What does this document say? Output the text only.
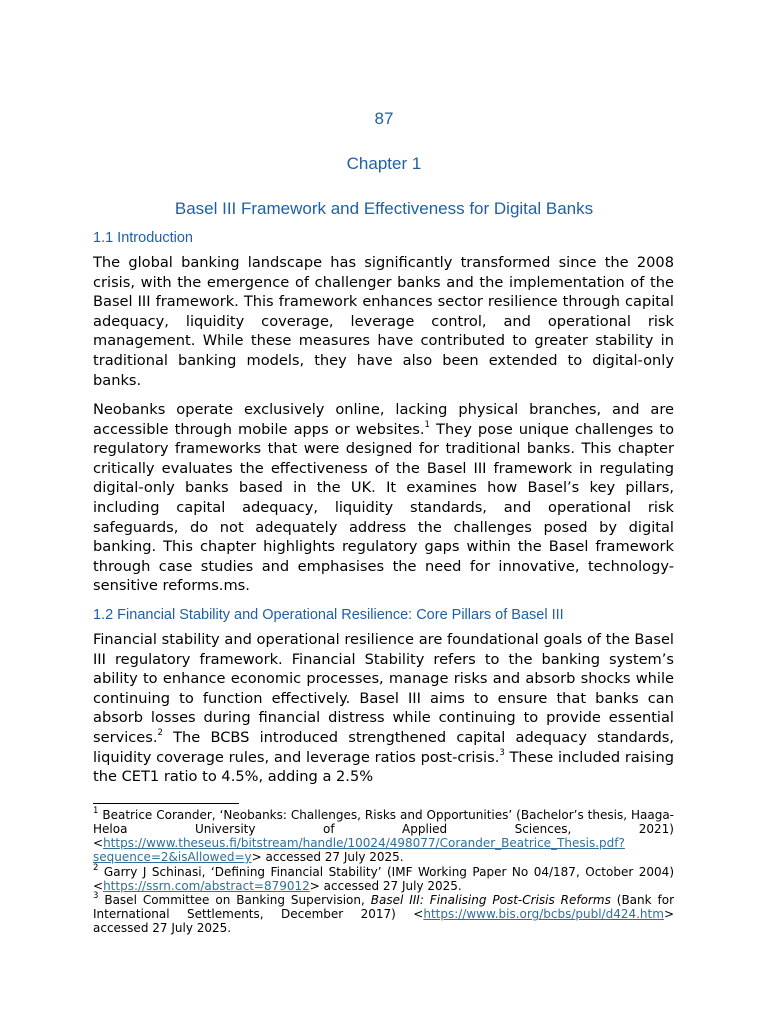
87
Chapter 1
Basel III Framework and Effectiveness for Digital Banks
1.1 Introduction
The global banking landscape has significantly transformed since the 2008 crisis, with the emergence of challenger banks and the implementation of the Basel III framework. This framework enhances sector resilience through capital adequacy, liquidity coverage, leverage control, and operational risk management. While these measures have contributed to greater stability in traditional banking models, they have also been extended to digital-only banks.
Neobanks operate exclusively online, lacking physical branches, and are accessible through mobile apps or websites.$^1$ They pose unique challenges to regulatory frameworks that were designed for traditional banks. This chapter critically evaluates the effectiveness of the Basel III framework in regulating digital-only banks based in the UK. It examines how Basel’s key pillars, including capital adequacy, liquidity standards, and operational risk safeguards, do not adequately address the challenges posed by digital banking. This chapter highlights regulatory gaps within the Basel framework through case studies and emphasises the need for innovative, technology-sensitive reforms.ms.
1.2 Financial Stability and Operational Resilience: Core Pillars of Basel III
Financial stability and operational resilience are foundational goals of the Basel III regulatory framework. Financial Stability refers to the banking system’s ability to enhance economic processes, manage risks and absorb shocks while continuing to function effectively. Basel III aims to ensure that banks can absorb losses during financial distress while continuing to provide essential services.$^2$ The BCBS introduced strengthened capital adequacy standards, liquidity coverage rules, and leverage ratios post-crisis.$^3$ These included raising the CET1 ratio to 4.5%, adding a 2.5%
$^1$ Beatrice Corander, ‘Neobanks: Challenges, Risks and Opportunities’ (Bachelor’s thesis, Haaga-Heloa University of Applied Sciences, 2021) <https://www.theseus.fi/bitstream/handle/10024/498077/Corander_Beatrice_Thesis.pdf?sequence=2&isAllowed=y> accessed 27 July 2025.
$^2$ Garry J Schinasi, ‘Defining Financial Stability’ (IMF Working Paper No 04/187, October 2004) <https://ssrn.com/abstract=879012> accessed 27 July 2025.
$^3$ Basel Committee on Banking Supervision, Basel III: Finalising Post-Crisis Reforms (Bank for International Settlements, December 2017) <https://www.bis.org/bcbs/publ/d424.htm> accessed 27 July 2025.
